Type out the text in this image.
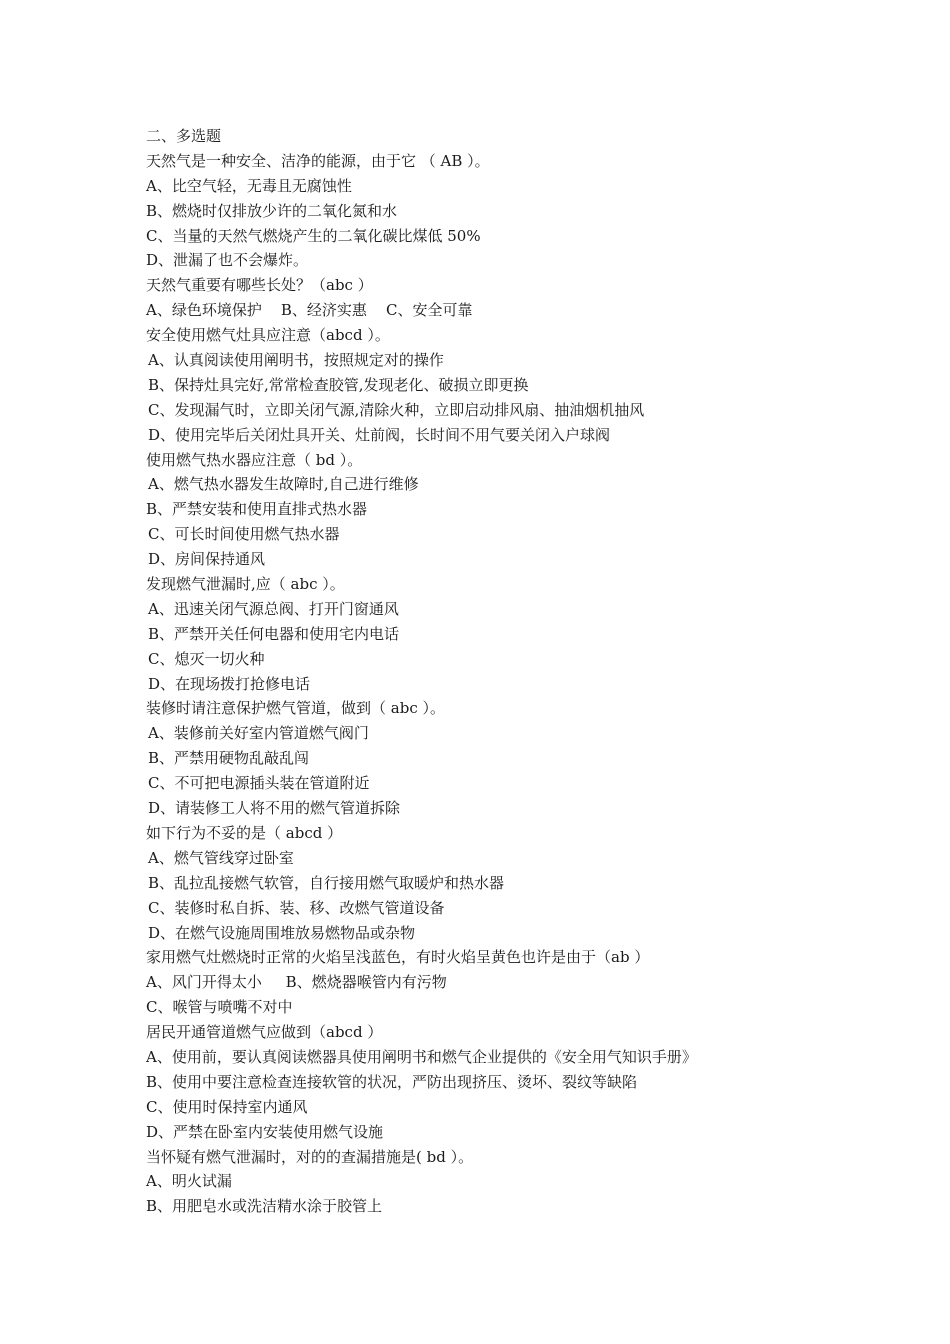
二、多选题
天然气是一种安全、洁净的能源，由于它 （ AB ）。
A、比空气轻，无毒且无腐蚀性
B、燃烧时仅排放少许的二氧化氮和水
C、当量的天然气燃烧产生的二氧化碳比煤低 50%
D、泄漏了也不会爆炸。
天然气重要有哪些长处？（abc ）
A、绿色环境保护    B、经济实惠    C、安全可靠
安全使用燃气灶具应注意（abcd ）。
A、认真阅读使用阐明书，按照规定对的操作
B、保持灶具完好,常常检查胶管,发现老化、破损立即更换
C、发现漏气时，立即关闭气源,清除火种，立即启动排风扇、抽油烟机抽风
D、使用完毕后关闭灶具开关、灶前阀，长时间不用气要关闭入户球阀
使用燃气热水器应注意（ bd ）。
A、燃气热水器发生故障时,自己进行维修
B、严禁安装和使用直排式热水器
C、可长时间使用燃气热水器
D、房间保持通风
发现燃气泄漏时,应（ abc ）。
A、迅速关闭气源总阀、打开门窗通风
B、严禁开关任何电器和使用宅内电话
C、熄灭一切火种
D、在现场拨打抢修电话
装修时请注意保护燃气管道，做到（ abc ）。
A、装修前关好室内管道燃气阀门
B、严禁用硬物乱敲乱闯
C、不可把电源插头装在管道附近
D、请装修工人将不用的燃气管道拆除
如下行为不妥的是（ abcd ）
A、燃气管线穿过卧室
B、乱拉乱接燃气软管，自行接用燃气取暖炉和热水器
C、装修时私自拆、装、移、改燃气管道设备
D、在燃气设施周围堆放易燃物品或杂物
家用燃气灶燃烧时正常的火焰呈浅蓝色，有时火焰呈黄色也许是由于（ab ）
A、风门开得太小     B、燃烧器喉管内有污物
C、喉管与喷嘴不对中
居民开通管道燃气应做到（abcd ）
A、使用前，要认真阅读燃器具使用阐明书和燃气企业提供的《安全用气知识手册》
B、使用中要注意检查连接软管的状况，严防出现挤压、烫坏、裂纹等缺陷
C、使用时保持室内通风
D、严禁在卧室内安装使用燃气设施
当怀疑有燃气泄漏时，对的的查漏措施是( bd ）。
A、明火试漏
B、用肥皂水或洗洁精水涂于胶管上
